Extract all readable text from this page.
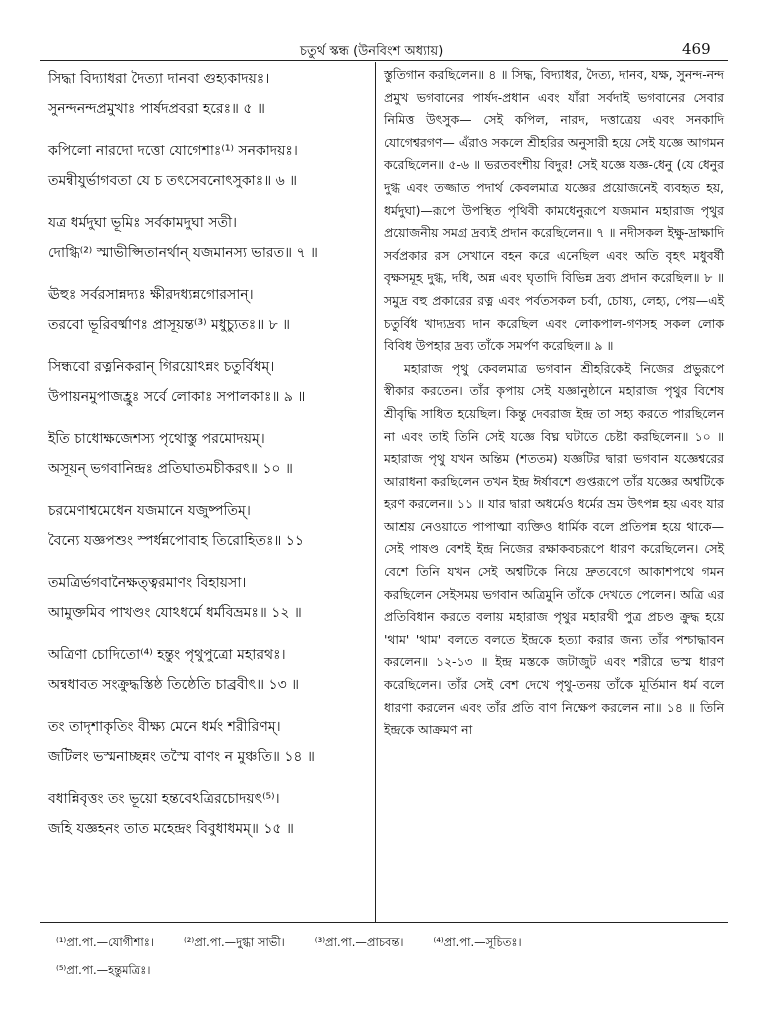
চতুর্থ স্কন্ধ (উনবিংশ অধ্যায়)	469
সিদ্ধা বিদ্যাধরা দৈত্যা দানবা গুহ্যকাদয়ঃ।
সুনন্দনন্দপ্রমুখাঃ পার্ষদপ্রবরা হরেঃ॥ ৫ ॥
কপিলো নারদো দত্তো যোগেশাঃ⁽¹⁾ সনকাদয়ঃ।
তমন্বীযুর্ভাগবতা যে চ তৎসেবনোৎসুকাঃ॥ ৬ ॥
যত্র ধর্মদুঘা ভূমিঃ সর্বকামদুঘা সতী।
দোগ্ধি⁽²⁾ স্মাভীপ্সিতানর্থান্ যজমানস্য ভারত॥ ৭ ॥
ঊহুঃ সর্বরসান্নদ্যঃ ক্ষীরদধ্যন্নগোরসান্।
তরবো ভূরিবর্ষ্মাণঃ প্রাসূয়ন্ত⁽³⁾ মধুচ্যুতঃ॥ ৮ ॥
সিন্ধবো রত্ননিকরান্ গিরয়োঽন্নং চতুর্বিধম্।
উপায়নমুপাজহ্রুঃ সর্বে লোকাঃ সপালকাঃ॥ ৯ ॥
ইতি চাধোক্ষজেশস্য পৃথোস্তু পরমোদয়ম্।
অসূয়ন্ ভগবানিন্দ্রঃ প্রতিঘাতমচীকরৎ॥ ১০ ॥
চরমেণাশ্বমেধেন যজমানে যজুষ্পতিম্।
বৈন্যে যজ্ঞপশুং স্পর্ধন্নপোবাহ তিরোহিতঃ॥ ১১
তমত্রির্ভগবানৈক্ষত্ত্বরমাণং বিহায়সা।
আমুক্তমিব পাখণ্ডং যোঽধর্মে ধর্মবিভ্রমঃ॥ ১২ ॥
অত্রিণা চোদিতো⁽⁴⁾ হন্তুং পৃথুপুত্রো মহারথঃ।
অন্বধাবত সংক্রুদ্ধস্তিষ্ঠ তিষ্ঠেতি চাব্রবীৎ॥ ১৩ ॥
তং তাদৃশাকৃতিং বীক্ষ্য মেনে ধর্মং শরীরিণম্।
জটিলং ভস্মনাচ্ছন্নং তস্মৈ বাণং ন মুঞ্চতি॥ ১৪ ॥
বধান্নিবৃত্তং তং ভূয়ো হন্তবেঽত্রিরচোদয়ৎ⁽⁵⁾।
জহি যজ্ঞহনং তাত মহেন্দ্রং বিবুধাধমম্॥ ১৫ ॥

স্তুতিগান করছিলেন॥ ৪ ॥ সিদ্ধ, বিদ্যাধর, দৈত্য, দানব, যক্ষ, সুনন্দ-নন্দ প্রমুখ ভগবানের পার্ষদ-প্রধান এবং যাঁরা সর্বদাই ভগবানের সেবার নিমিত্ত উৎসুক— সেই কপিল, নারদ, দত্তাত্রেয় এবং সনকাদি যোগেশ্বরগণ— এঁরাও সকলে শ্রীহরির অনুসারী হয়ে সেই যজ্ঞে আগমন করেছিলেন॥ ৫-৬ ॥ ভরতবংশীয় বিদুর! সেই যজ্ঞে যজ্ঞ-ধেনু (যে ধেনুর দুগ্ধ এবং তজ্জাত পদার্থ কেবলমাত্র যজ্ঞের প্রয়োজনেই ব্যবহৃত হয়, ধর্মদুঘা)—রূপে উপস্থিত পৃথিবী কামধেনুরূপে যজমান মহারাজ পৃথুর প্রয়োজনীয় সমগ্র দ্রব্যই প্রদান করেছিলেন॥ ৭ ॥ নদীসকল ইক্ষু-দ্রাক্ষাদি সর্বপ্রকার রস সেখানে বহন করে এনেছিল এবং অতি বৃহৎ মধুবর্ষী বৃক্ষসমূহ দুগ্ধ, দধি, অন্ন এবং ঘৃতাদি বিভিন্ন দ্রব্য প্রদান করেছিল॥ ৮ ॥ সমুদ্র বহু প্রকারের রত্ন এবং পর্বতসকল চর্বা, চোষ্য, লেহ্য, পেয়—এই চতুর্বিধ খাদ্যদ্রব্য দান করেছিল এবং লোকপাল-গণসহ সকল লোক বিবিধ উপহার দ্রব্য তাঁকে সমর্পণ করেছিল॥ ৯ ॥

মহারাজ পৃথু কেবলমাত্র ভগবান শ্রীহরিকেই নিজের প্রভুরূপে স্বীকার করতেন। তাঁর কৃপায় সেই যজ্ঞানুষ্ঠানে মহারাজ পৃথুর বিশেষ শ্রীবৃদ্ধি সাধিত হয়েছিল। কিন্তু দেবরাজ ইন্দ্র তা সহ্য করতে পারছিলেন না এবং তাই তিনি সেই যজ্ঞে বিঘ্ন ঘটাতে চেষ্টা করছিলেন॥ ১০ ॥ মহারাজ পৃথু যখন অন্তিম (শততম) যজ্ঞটির দ্বারা ভগবান যজ্ঞেশ্বরের আরাধনা করছিলেন তখন ইন্দ্র ঈর্ষাবশে গুপ্তরূপে তাঁর যজ্ঞের অশ্বটিকে হরণ করলেন॥ ১১ ॥ যার দ্বারা অধর্মেও ধর্মের ভ্রম উৎপন্ন হয় এবং যার আশ্রয় নেওয়াতে পাপাত্মা ব্যক্তিও ধার্মিক বলে প্রতিপন্ন হয়ে থাকে—সেই পাষণ্ড বেশই ইন্দ্র নিজের রক্ষাকবচরূপে ধারণ করেছিলেন। সেই বেশে তিনি যখন সেই অশ্বটিকে নিয়ে দ্রুতবেগে আকাশপথে গমন করছিলেন সেইসময় ভগবান অত্রিমুনি তাঁকে দেখতে পেলেন। অত্রি এর প্রতিবিধান করতে বলায় মহারাজ পৃথুর মহারথী পুত্র প্রচণ্ড ক্রুদ্ধ হয়ে 'থাম' 'থাম' বলতে বলতে ইন্দ্রকে হত্যা করার জন্য তাঁর পশ্চাদ্ধাবন করলেন॥ ১২-১৩ ॥ ইন্দ্র মস্তকে জটাজুট এবং শরীরে ভস্ম ধারণ করেছিলেন। তাঁর সেই বেশ দেখে পৃথু-তনয় তাঁকে মূর্তিমান ধর্ম বলে ধারণা করলেন এবং তাঁর প্রতি বাণ নিক্ষেপ করলেন না॥ ১৪ ॥ তিনি ইন্দ্রকে আক্রমণ না

⁽¹⁾প্রা.পা.—যোগীশাঃ।	⁽²⁾প্রা.পা.—দুগ্ধা সাভী।	⁽³⁾প্রা.পা.—প্রাচবন্ত।	⁽⁴⁾প্রা.পা.—সূচিতঃ।
⁽⁵⁾প্রা.পা.—হন্তুমত্রিঃ।
